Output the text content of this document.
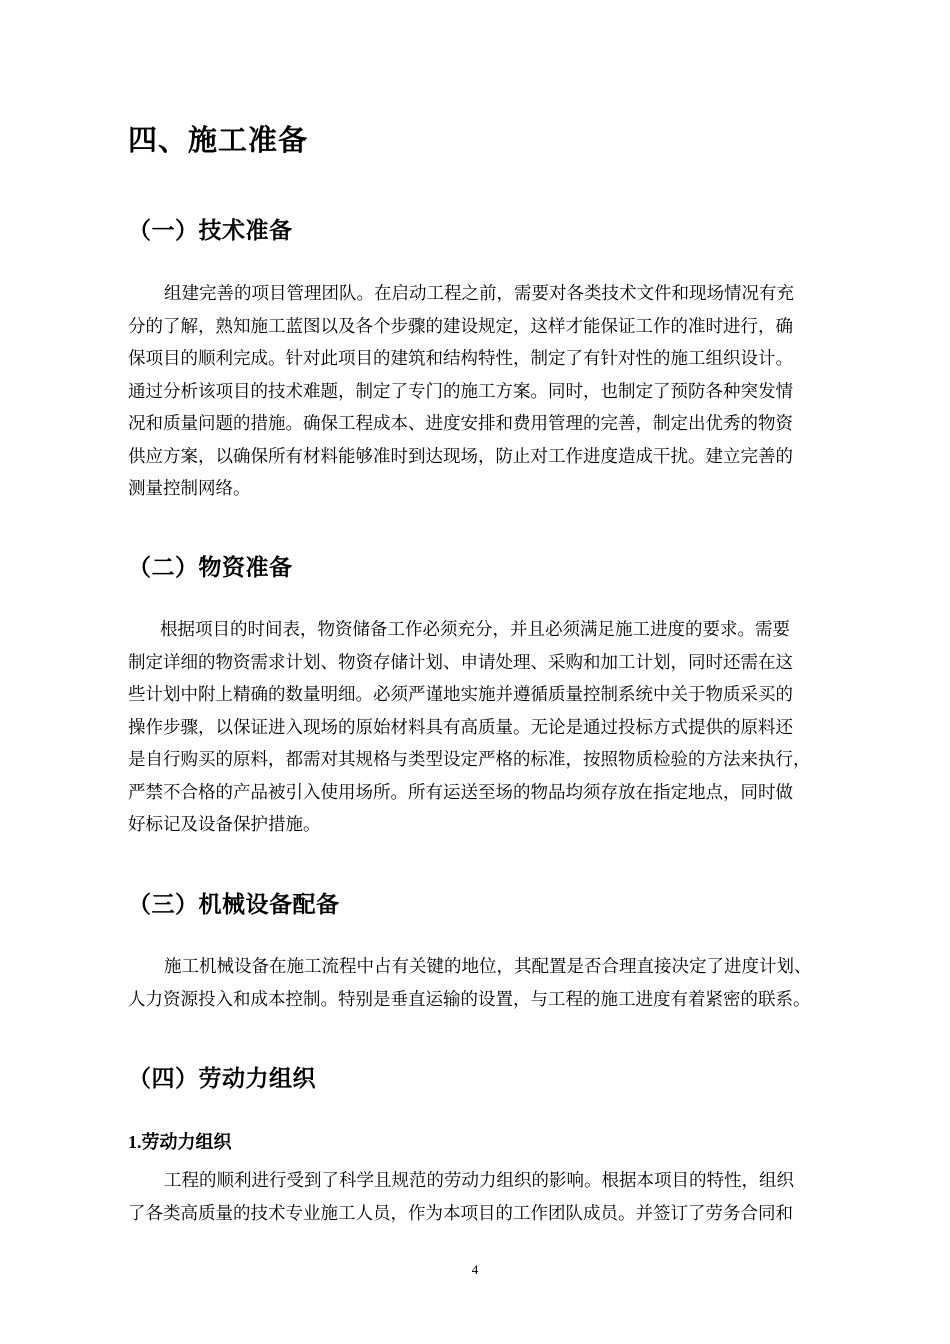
四、施工准备
（一）技术准备
组建完善的项目管理团队。在启动工程之前，需要对各类技术文件和现场情况有充
分的了解，熟知施工蓝图以及各个步骤的建设规定，这样才能保证工作的准时进行，确
保项目的顺利完成。针对此项目的建筑和结构特性，制定了有针对性的施工组织设计。
通过分析该项目的技术难题，制定了专门的施工方案。同时，也制定了预防各种突发情
况和质量问题的措施。确保工程成本、进度安排和费用管理的完善，制定出优秀的物资
供应方案，以确保所有材料能够准时到达现场，防止对工作进度造成干扰。建立完善的
测量控制网络。
（二）物资准备
根据项目的时间表，物资储备工作必须充分，并且必须满足施工进度的要求。需要
制定详细的物资需求计划、物资存储计划、申请处理、采购和加工计划，同时还需在这
些计划中附上精确的数量明细。必须严谨地实施并遵循质量控制系统中关于物质采买的
操作步骤，以保证进入现场的原始材料具有高质量。无论是通过投标方式提供的原料还
是自行购买的原料，都需对其规格与类型设定严格的标准，按照物质检验的方法来执行，
严禁不合格的产品被引入使用场所。所有运送至场的物品均须存放在指定地点，同时做
好标记及设备保护措施。
（三）机械设备配备
施工机械设备在施工流程中占有关键的地位，其配置是否合理直接决定了进度计划、
人力资源投入和成本控制。特别是垂直运输的设置，与工程的施工进度有着紧密的联系。
（四）劳动力组织
1.劳动力组织
工程的顺利进行受到了科学且规范的劳动力组织的影响。根据本项目的特性，组织
了各类高质量的技术专业施工人员，作为本项目的工作团队成员。并签订了劳务合同和
4
